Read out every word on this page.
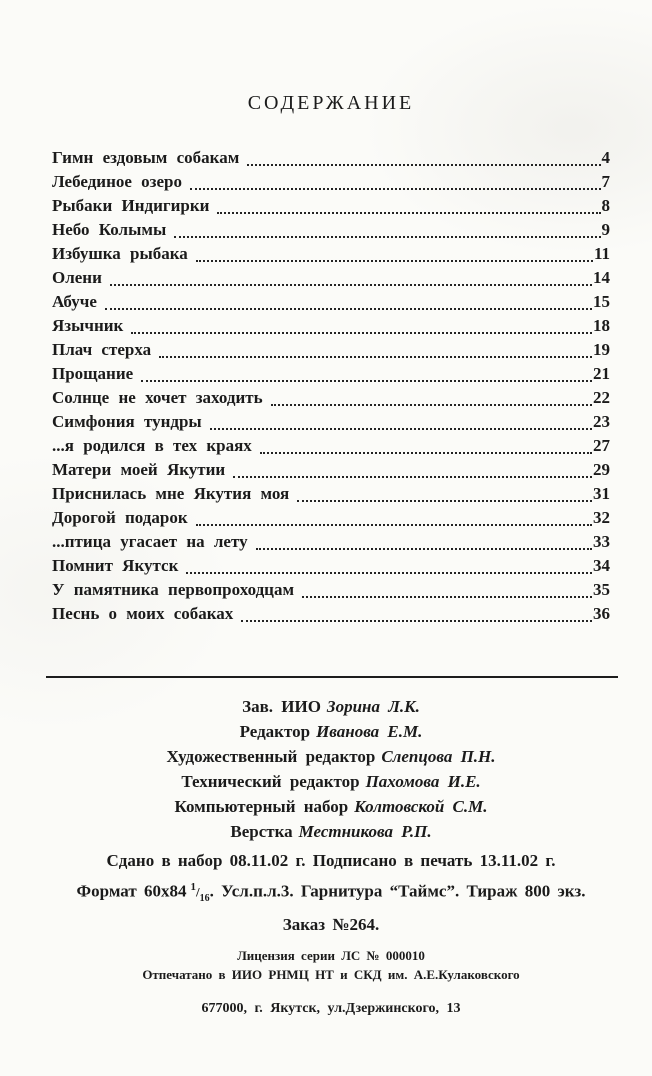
СОДЕРЖАНИЕ
Гимн ездовым собакам	4
Лебединое озеро	7
Рыбаки Индигирки	8
Небо Колымы	9
Избушка рыбака	11
Олени	14
Абуче	15
Язычник	18
Плач стерха	19
Прощание	21
Солнце не хочет заходить	22
Симфония тундры	23
...я родился в тех краях	27
Матери моей Якутии	29
Приснилась мне Якутия моя	31
Дорогой подарок	32
...птица угасает на лету	33
Помнит Якутск	34
У памятника первопроходцам	35
Песнь о моих собаках	36
Зав. ИИО Зорина Л.К.
Редактор Иванова Е.М.
Художественный редактор Слепцова П.Н.
Технический редактор Пахомова И.Е.
Компьютерный набор Колтовской С.М.
Верстка Местникова Р.П.
Сдано в набор 08.11.02 г. Подписано в печать 13.11.02 г.
Формат 60х84 $^1/_{16}$. Усл.п.л.3. Гарнитура “Таймс”. Тираж 800 экз.
Заказ №264.
Лицензия серии ЛС № 000010
Отпечатано в ИИО РНМЦ НТ и СКД им. А.Е.Кулаковского
677000, г. Якутск, ул.Дзержинского, 13
